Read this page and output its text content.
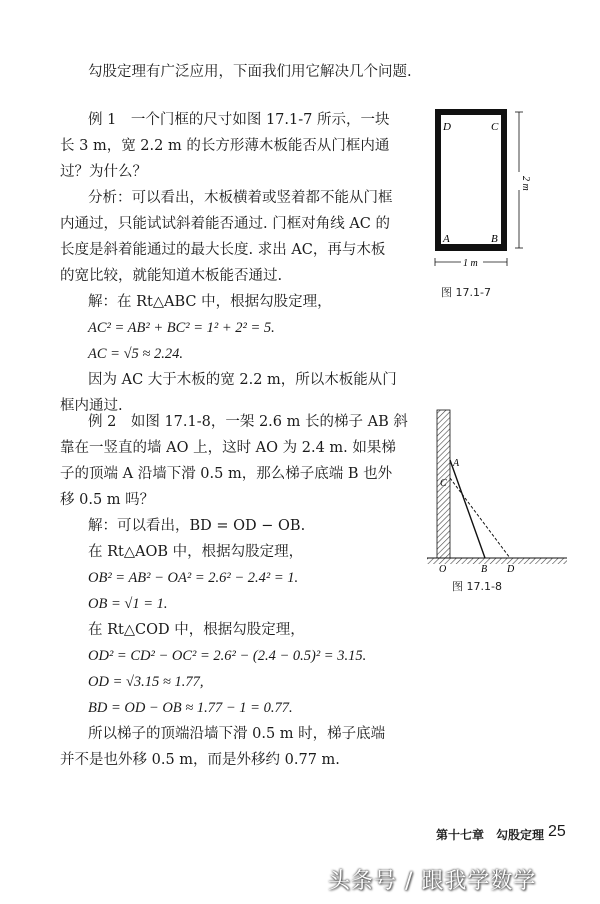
勾股定理有广泛应用，下面我们用它解决几个问题.
例 1　一个门框的尺寸如图 17.1-7 所示，一块
长 3 m，宽 2.2 m 的长方形薄木板能否从门框内通
过？为什么？
分析：可以看出，木板横着或竖着都不能从门框
内通过，只能试试斜着能否通过. 门框对角线 AC 的
长度是斜着能通过的最大长度. 求出 AC，再与木板
的宽比较，就能知道木板能否通过.
解：在 Rt△ABC 中，根据勾股定理，
AC² = AB² + BC² = 1² + 2² = 5.
AC = √5 ≈ 2.24.
因为 AC 大于木板的宽 2.2 m，所以木板能从门
框内通过.
D	C
A	B
2 m
1 m
图 17.1-7
例 2　如图 17.1-8，一架 2.6 m 长的梯子 AB 斜
靠在一竖直的墙 AO 上，这时 AO 为 2.4 m. 如果梯
子的顶端 A 沿墙下滑 0.5 m，那么梯子底端 B 也外
移 0.5 m 吗？
解：可以看出，BD = OD − OB.
在 Rt△AOB 中，根据勾股定理，
OB² = AB² − OA² = 2.6² − 2.4² = 1.
OB = √1 = 1.
在 Rt△COD 中，根据勾股定理，
OD² = CD² − OC² = 2.6² − (2.4 − 0.5)² = 3.15.
OD = √3.15 ≈ 1.77,
BD = OD − OB ≈ 1.77 − 1 = 0.77.
所以梯子的顶端沿墙下滑 0.5 m 时，梯子底端
并不是也外移 0.5 m，而是外移约 0.77 m.
A
C
O	B D
图 17.1-8
第十七章　勾股定理 25
头条号 / 跟我学数学
